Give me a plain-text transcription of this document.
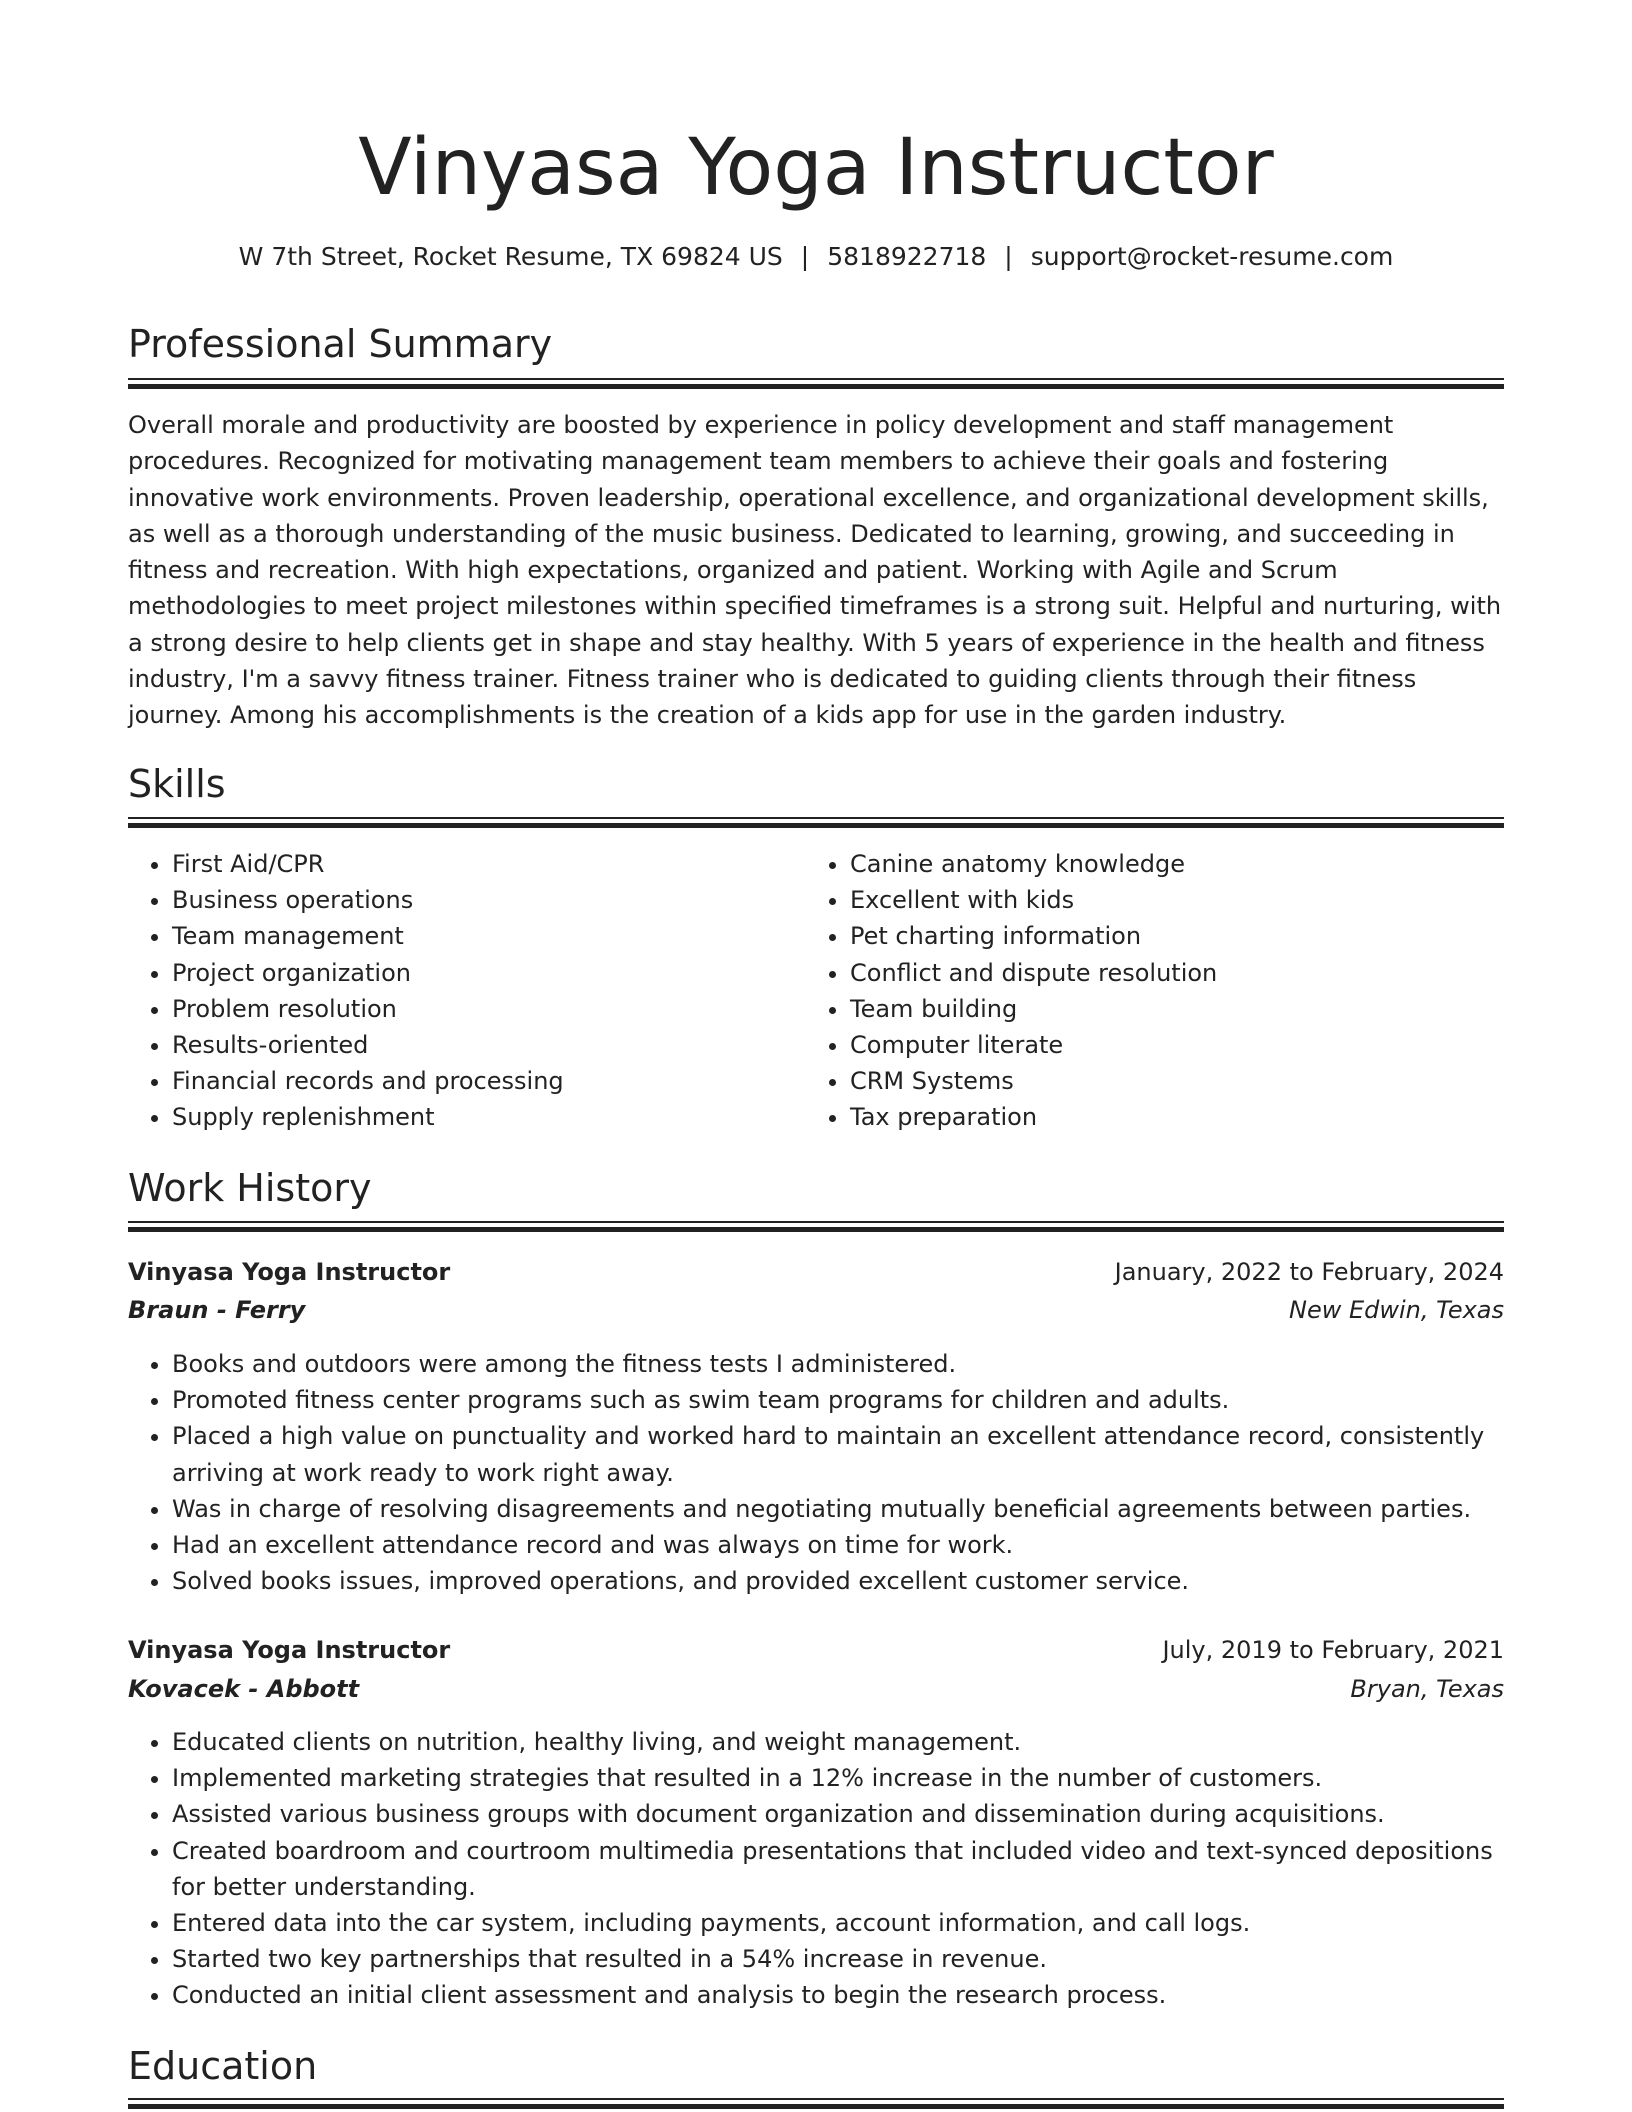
Vinyasa Yoga Instructor
W 7th Street, Rocket Resume, TX 69824 US | 5818922718 | support@rocket-resume.com
Professional Summary

Overall morale and productivity are boosted by experience in policy development and staff management procedures. Recognized for motivating management team members to achieve their goals and fostering innovative work environments. Proven leadership, operational excellence, and organizational development skills, as well as a thorough understanding of the music business. Dedicated to learning, growing, and succeeding in fitness and recreation. With high expectations, organized and patient. Working with Agile and Scrum methodologies to meet project milestones within specified timeframes is a strong suit. Helpful and nurturing, with a strong desire to help clients get in shape and stay healthy. With 5 years of experience in the health and fitness industry, I'm a savvy fitness trainer. Fitness trainer who is dedicated to guiding clients through their fitness journey. Among his accomplishments is the creation of a kids app for use in the garden industry.

Skills
• First Aid/CPR
• Business operations
• Team management
• Project organization
• Problem resolution
• Results-oriented
• Financial records and processing
• Supply replenishment
• Canine anatomy knowledge
• Excellent with kids
• Pet charting information
• Conflict and dispute resolution
• Team building
• Computer literate
• CRM Systems
• Tax preparation
Work History
Vinyasa Yoga Instructor	January, 2022 to February, 2024
Braun - Ferry	New Edwin, Texas
• Books and outdoors were among the fitness tests I administered.
• Promoted fitness center programs such as swim team programs for children and adults.
• Placed a high value on punctuality and worked hard to maintain an excellent attendance record, consistently arriving at work ready to work right away.
• Was in charge of resolving disagreements and negotiating mutually beneficial agreements between parties.
• Had an excellent attendance record and was always on time for work.
• Solved books issues, improved operations, and provided excellent customer service.
Vinyasa Yoga Instructor	July, 2019 to February, 2021
Kovacek - Abbott	Bryan, Texas
• Educated clients on nutrition, healthy living, and weight management.
• Implemented marketing strategies that resulted in a 12% increase in the number of customers.
• Assisted various business groups with document organization and dissemination during acquisitions.
• Created boardroom and courtroom multimedia presentations that included video and text-synced depositions for better understanding.
• Entered data into the car system, including payments, account information, and call logs.
• Started two key partnerships that resulted in a 54% increase in revenue.
• Conducted an initial client assessment and analysis to begin the research process.
Education
